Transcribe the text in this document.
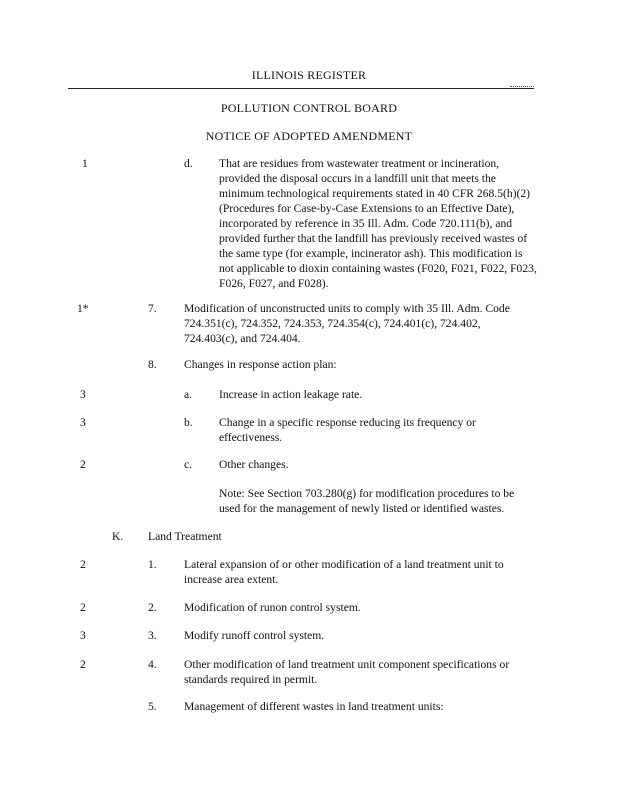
ILLINOIS REGISTER
POLLUTION CONTROL BOARD
NOTICE OF ADOPTED AMENDMENT
1	d. That are residues from wastewater treatment or incineration, provided the disposal occurs in a landfill unit that meets the minimum technological requirements stated in 40 CFR 268.5(h)(2) (Procedures for Case-by-Case Extensions to an Effective Date), incorporated by reference in 35 Ill. Adm. Code 720.111(b), and provided further that the landfill has previously received wastes of the same type (for example, incinerator ash). This modification is not applicable to dioxin containing wastes (F020, F021, F022, F023, F026, F027, and F028).
1*	7. Modification of unconstructed units to comply with 35 Ill. Adm. Code 724.351(c), 724.352, 724.353, 724.354(c), 724.401(c), 724.402, 724.403(c), and 724.404.
8. Changes in response action plan:
3	a. Increase in action leakage rate.
3	b. Change in a specific response reducing its frequency or effectiveness.
2	c. Other changes.
Note: See Section 703.280(g) for modification procedures to be used for the management of newly listed or identified wastes.
K. Land Treatment
2	1. Lateral expansion of or other modification of a land treatment unit to increase area extent.
2	2. Modification of runon control system.
3	3. Modify runoff control system.
2	4. Other modification of land treatment unit component specifications or standards required in permit.
5. Management of different wastes in land treatment units:
